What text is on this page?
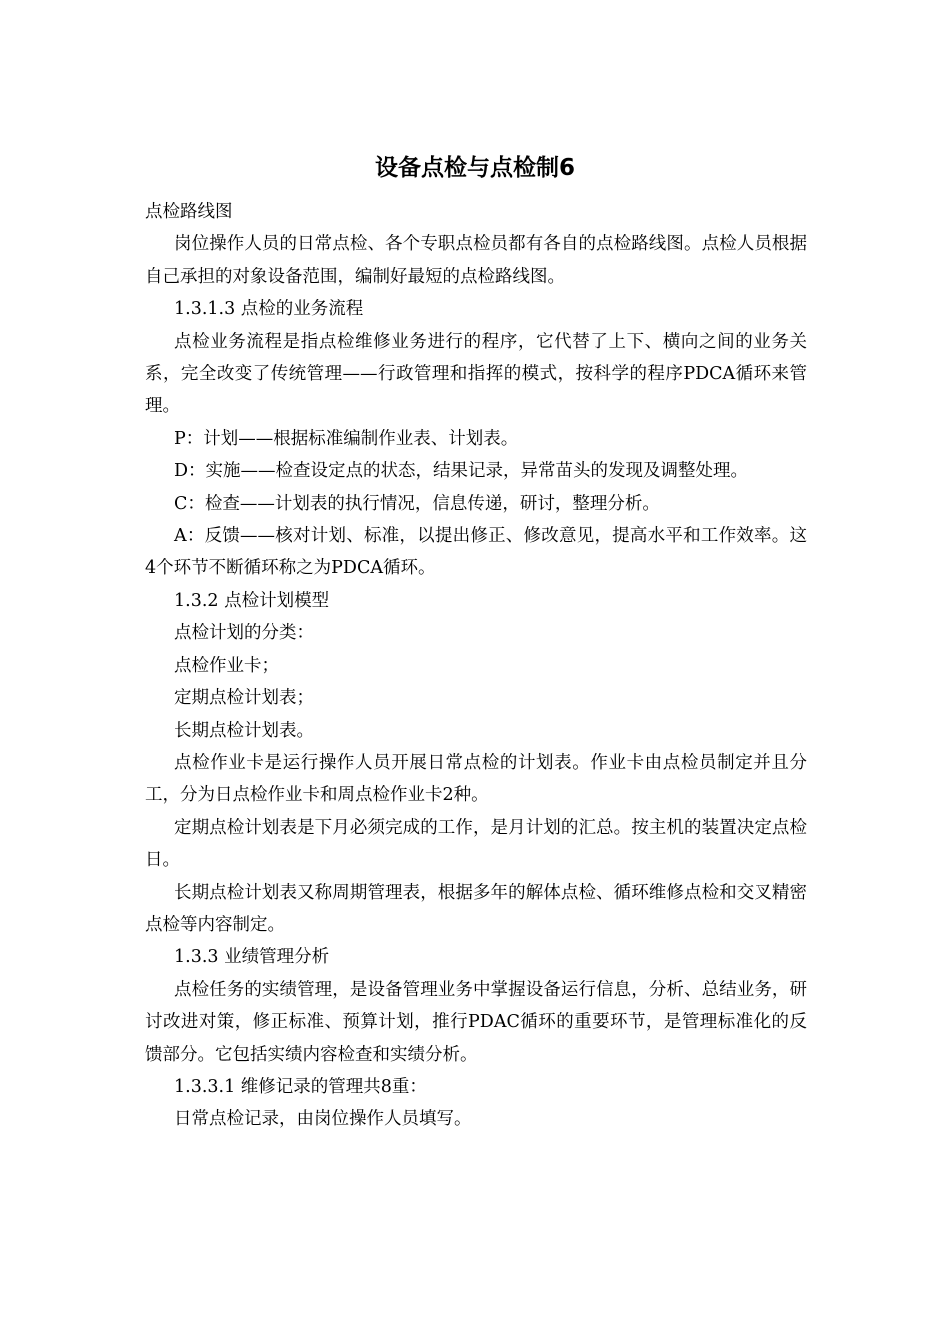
设备点检与点检制6

点检路线图

岗位操作人员的日常点检、各个专职点检员都有各自的点检路线图。点检人员根据自己承担的对象设备范围，编制好最短的点检路线图。

1.3.1.3 点检的业务流程

点检业务流程是指点检维修业务进行的程序，它代替了上下、横向之间的业务关系，完全改变了传统管理——行政管理和指挥的模式，按科学的程序PDCA循环来管理。

P：计划——根据标准编制作业表、计划表。

D：实施——检查设定点的状态，结果记录，异常苗头的发现及调整处理。

C：检查——计划表的执行情况，信息传递，研讨，整理分析。

A：反馈——核对计划、标准，以提出修正、修改意见，提高水平和工作效率。这4个环节不断循环称之为PDCA循环。

1.3.2 点检计划模型

点检计划的分类：

点检作业卡；

定期点检计划表；

长期点检计划表。

点检作业卡是运行操作人员开展日常点检的计划表。作业卡由点检员制定并且分工，分为日点检作业卡和周点检作业卡2种。

定期点检计划表是下月必须完成的工作，是月计划的汇总。按主机的装置决定点检日。

长期点检计划表又称周期管理表，根据多年的解体点检、循环维修点检和交叉精密点检等内容制定。

1.3.3 业绩管理分析

点检任务的实绩管理，是设备管理业务中掌握设备运行信息，分析、总结业务，研讨改进对策，修正标准、预算计划，推行PDAC循环的重要环节，是管理标准化的反馈部分。它包括实绩内容检查和实绩分析。

1.3.3.1 维修记录的管理共8重：

日常点检记录，由岗位操作人员填写。
